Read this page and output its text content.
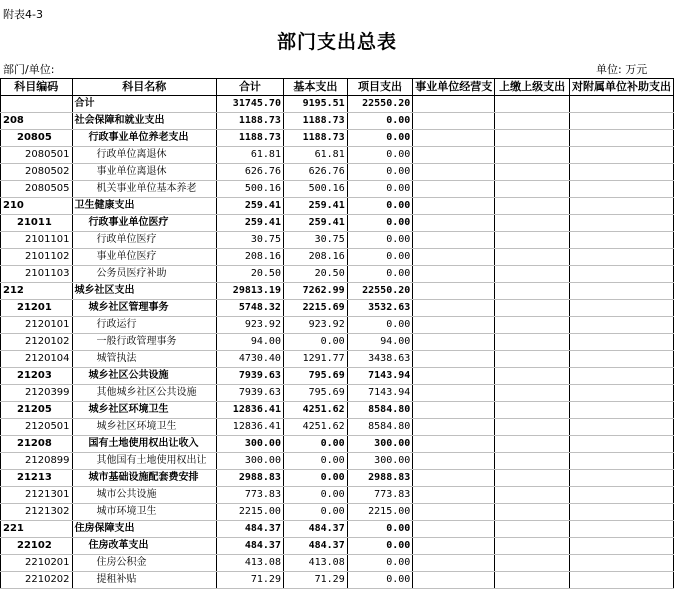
附表4-3
部门支出总表
部门/单位:	单位: 万元
科目编码	科目名称	合计	基本支出	项目支出	事业单位经营支	上缴上级支出	对附属单位补助支出
	合计	31745.70	9195.51	22550.20			
208	社会保障和就业支出	1188.73	1188.73	0.00			
20805	行政事业单位养老支出	1188.73	1188.73	0.00			
2080501	行政单位离退休	61.81	61.81	0.00			
2080502	事业单位离退休	626.76	626.76	0.00			
2080505	机关事业单位基本养老	500.16	500.16	0.00			
210	卫生健康支出	259.41	259.41	0.00			
21011	行政事业单位医疗	259.41	259.41	0.00			
2101101	行政单位医疗	30.75	30.75	0.00			
2101102	事业单位医疗	208.16	208.16	0.00			
2101103	公务员医疗补助	20.50	20.50	0.00			
212	城乡社区支出	29813.19	7262.99	22550.20			
21201	城乡社区管理事务	5748.32	2215.69	3532.63			
2120101	行政运行	923.92	923.92	0.00			
2120102	一般行政管理事务	94.00	0.00	94.00			
2120104	城管执法	4730.40	1291.77	3438.63			
21203	城乡社区公共设施	7939.63	795.69	7143.94			
2120399	其他城乡社区公共设施	7939.63	795.69	7143.94			
21205	城乡社区环境卫生	12836.41	4251.62	8584.80			
2120501	城乡社区环境卫生	12836.41	4251.62	8584.80			
21208	国有土地使用权出让收入	300.00	0.00	300.00			
2120899	其他国有土地使用权出让	300.00	0.00	300.00			
21213	城市基础设施配套费安排	2988.83	0.00	2988.83			
2121301	城市公共设施	773.83	0.00	773.83			
2121302	城市环境卫生	2215.00	0.00	2215.00			
221	住房保障支出	484.37	484.37	0.00			
22102	住房改革支出	484.37	484.37	0.00			
2210201	住房公积金	413.08	413.08	0.00			
2210202	提租补贴	71.29	71.29	0.00			
